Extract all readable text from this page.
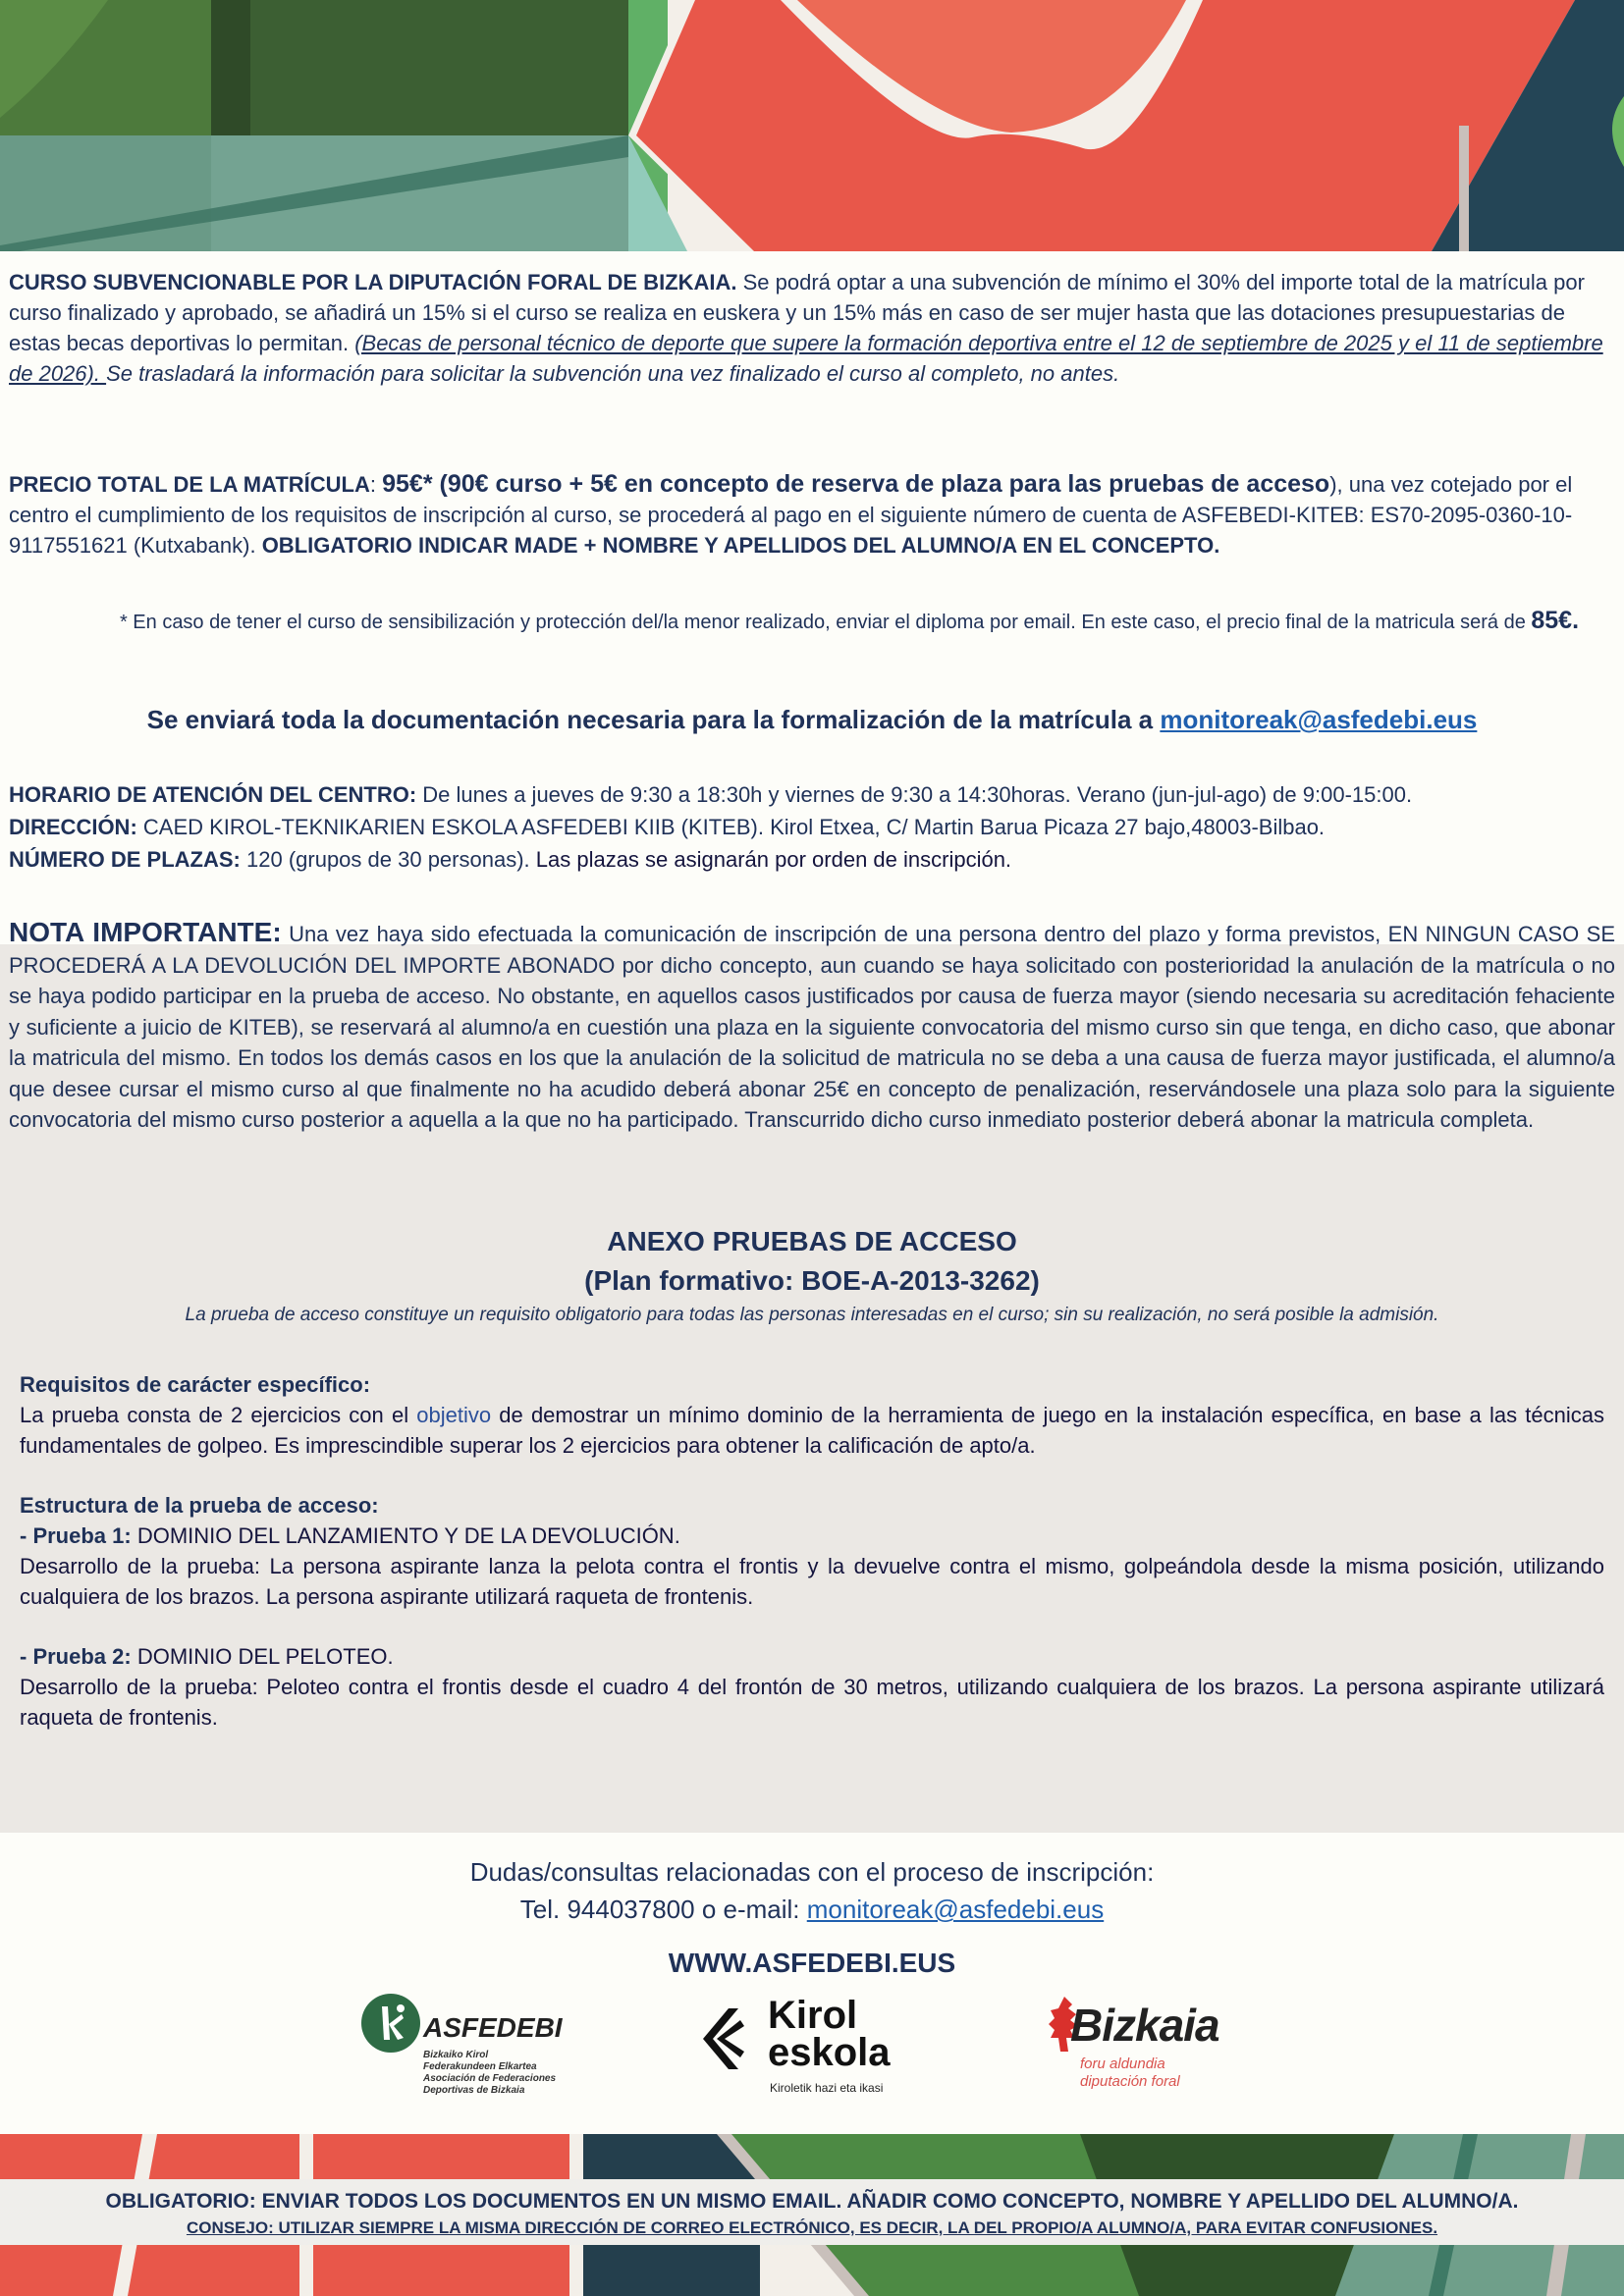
CURSO SUBVENCIONABLE POR LA DIPUTACIÓN FORAL DE BIZKAIA. Se podrá optar a una subvención de mínimo el 30% del importe total de la matrícula por curso finalizado y aprobado, se añadirá un 15% si el curso se realiza en euskera y un 15% más en caso de ser mujer hasta que las dotaciones presupuestarias de estas becas deportivas lo permitan. (Becas de personal técnico de deporte que supere la formación deportiva entre el 12 de septiembre de 2025 y el 11 de septiembre de 2026). Se trasladará la información para solicitar la subvención una vez finalizado el curso al completo, no antes.
PRECIO TOTAL DE LA MATRÍCULA: 95€* (90€ curso + 5€ en concepto de reserva de plaza para las pruebas de acceso), una vez cotejado por el centro el cumplimiento de los requisitos de inscripción al curso, se procederá al pago en el siguiente número de cuenta de ASFEBEDI-KITEB: ES70-2095-0360-10-9117551621 (Kutxabank). OBLIGATORIO INDICAR MADE + NOMBRE Y APELLIDOS DEL ALUMNO/A EN EL CONCEPTO.
* En caso de tener el curso de sensibilización y protección del/la menor realizado, enviar el diploma por email. En este caso, el precio final de la matricula será de 85€.
Se enviará toda la documentación necesaria para la formalización de la matrícula a monitoreak@asfedebi.eus
HORARIO DE ATENCIÓN DEL CENTRO: De lunes a jueves de 9:30 a 18:30h y viernes de 9:30 a 14:30horas. Verano (jun-jul-ago) de 9:00-15:00.
DIRECCIÓN: CAED KIROL-TEKNIKARIEN ESKOLA ASFEDEBI KIIB (KITEB). Kirol Etxea, C/ Martin Barua Picaza 27 bajo,48003-Bilbao.
NÚMERO DE PLAZAS: 120 (grupos de 30 personas). Las plazas se asignarán por orden de inscripción.
NOTA IMPORTANTE: Una vez haya sido efectuada la comunicación de inscripción de una persona dentro del plazo y forma previstos, EN NINGUN CASO SE PROCEDERÁ A LA DEVOLUCIÓN DEL IMPORTE ABONADO por dicho concepto, aun cuando se haya solicitado con posterioridad la anulación de la matrícula o no se haya podido participar en la prueba de acceso. No obstante, en aquellos casos justificados por causa de fuerza mayor (siendo necesaria su acreditación fehaciente y suficiente a juicio de KITEB), se reservará al alumno/a en cuestión una plaza en la siguiente convocatoria del mismo curso sin que tenga, en dicho caso, que abonar la matricula del mismo. En todos los demás casos en los que la anulación de la solicitud de matricula no se deba a una causa de fuerza mayor justificada, el alumno/a que desee cursar el mismo curso al que finalmente no ha acudido deberá abonar 25€ en concepto de penalización, reservándosele una plaza solo para la siguiente convocatoria del mismo curso posterior a aquella a la que no ha participado. Transcurrido dicho curso inmediato posterior deberá abonar la matricula completa.
ANEXO PRUEBAS DE ACCESO
(Plan formativo: BOE-A-2013-3262)
La prueba de acceso constituye un requisito obligatorio para todas las personas interesadas en el curso; sin su realización, no será posible la admisión.

Requisitos de carácter específico:

La prueba consta de 2 ejercicios con el objetivo de demostrar un mínimo dominio de la herramienta de juego en la instalación específica, en base a las técnicas fundamentales de golpeo. Es imprescindible superar los 2 ejercicios para obtener la calificación de apto/a.

Estructura de la prueba de acceso:

- Prueba 1: DOMINIO DEL LANZAMIENTO Y DE LA DEVOLUCIÓN.

Desarrollo de la prueba: La persona aspirante lanza la pelota contra el frontis y la devuelve contra el mismo, golpeándola desde la misma posición, utilizando cualquiera de los brazos. La persona aspirante utilizará raqueta de frontenis.

- Prueba 2: DOMINIO DEL PELOTEO.

Desarrollo de la prueba: Peloteo contra el frontis desde el cuadro 4 del frontón de 30 metros, utilizando cualquiera de los brazos. La persona aspirante utilizará raqueta de frontenis.

Dudas/consultas relacionadas con el proceso de inscripción:
Tel. 944037800 o e-mail: monitoreak@asfedebi.eus
WWW.ASFEDEBI.EUS
ASFEDEBI
Bizkaiko Kirol
Federakundeen Elkartea
Asociación de Federaciones
Deportivas de Bizkaia
Kirol
eskola
Kiroletik hazi eta ikasi
Bizkaia
foru aldundia
diputación foral
OBLIGATORIO: ENVIAR TODOS LOS DOCUMENTOS EN UN MISMO EMAIL. AÑADIR COMO CONCEPTO, NOMBRE Y APELLIDO DEL ALUMNO/A.
CONSEJO: UTILIZAR SIEMPRE LA MISMA DIRECCIÓN DE CORREO ELECTRÓNICO, ES DECIR, LA DEL PROPIO/A ALUMNO/A, PARA EVITAR CONFUSIONES.
